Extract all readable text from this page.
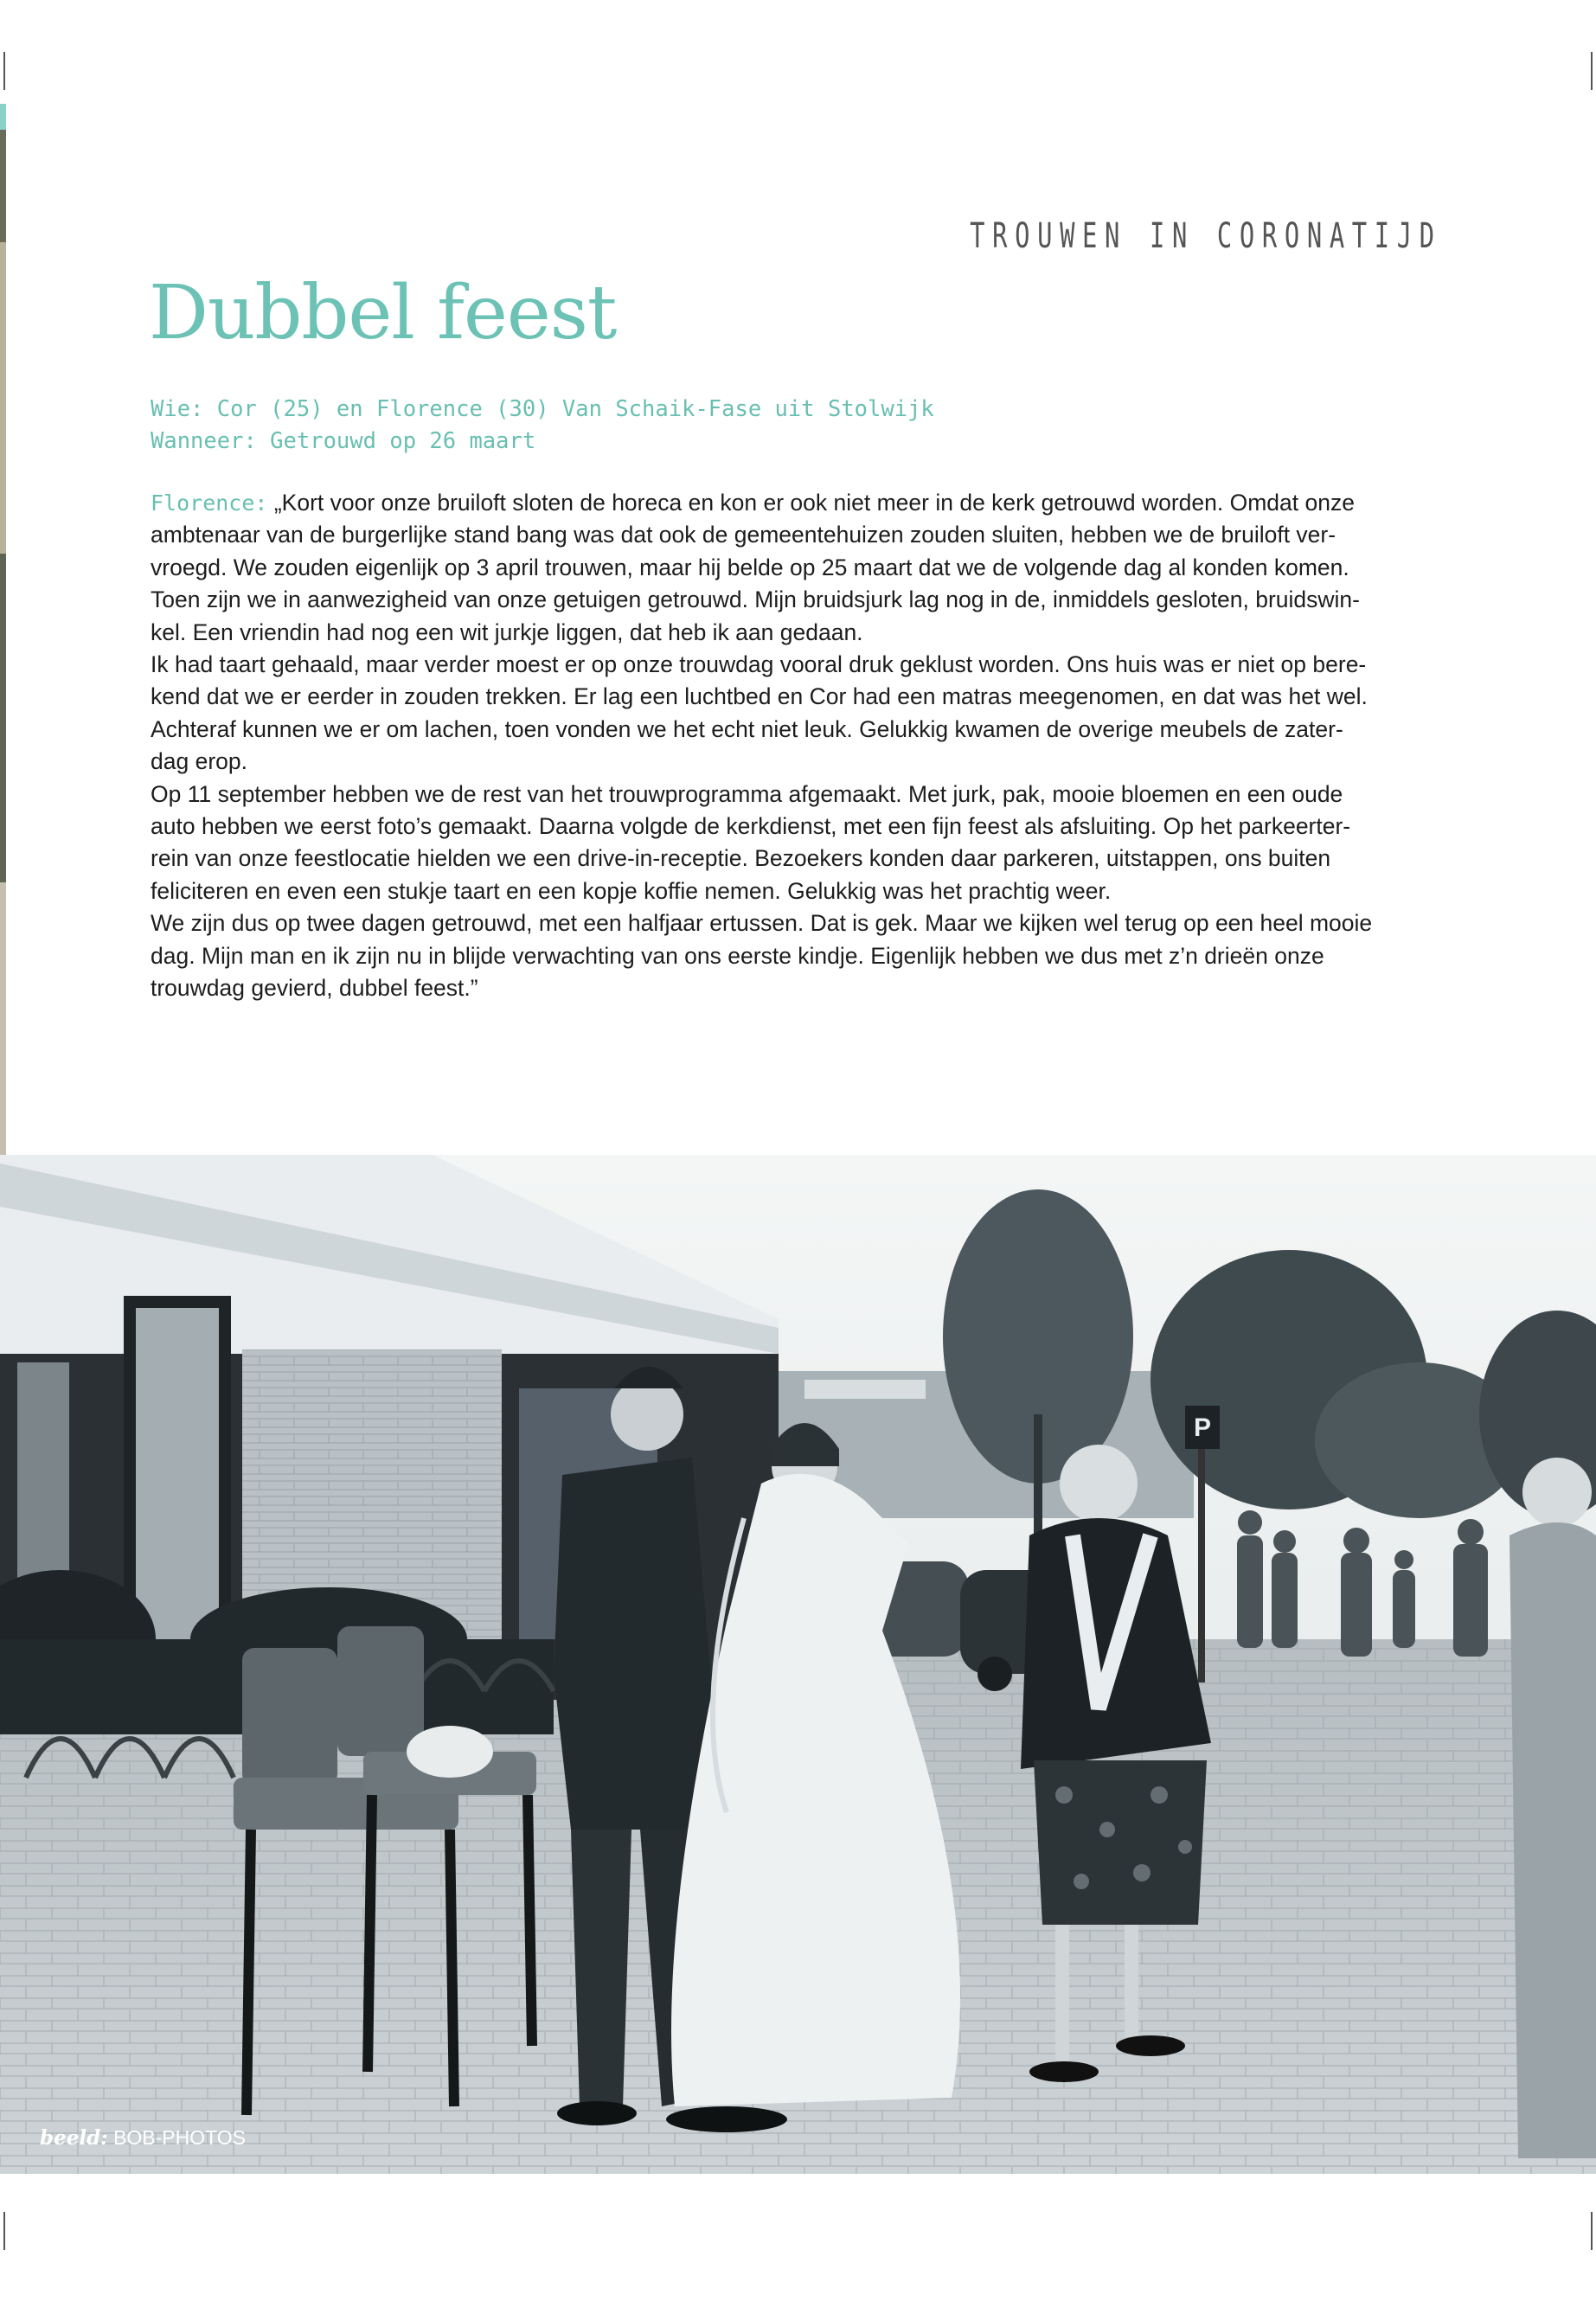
TROUWEN IN CORONATIJD
Dubbel feest
Wie: Cor (25) en Florence (30) Van Schaik-Fase uit Stolwijk
Wanneer: Getrouwd op 26 maart
Florence: „Kort voor onze bruiloft sloten de horeca en kon er ook niet meer in de kerk getrouwd worden. Omdat onze
ambtenaar van de burgerlijke stand bang was dat ook de gemeentehuizen zouden sluiten, hebben we de bruiloft ver-
vroegd. We zouden eigenlijk op 3 april trouwen, maar hij belde op 25 maart dat we de volgende dag al konden komen.
Toen zijn we in aanwezigheid van onze getuigen getrouwd. Mijn bruidsjurk lag nog in de, inmiddels gesloten, bruidswin-
kel. Een vriendin had nog een wit jurkje liggen, dat heb ik aan gedaan.
Ik had taart gehaald, maar verder moest er op onze trouwdag vooral druk geklust worden. Ons huis was er niet op bere-
kend dat we er eerder in zouden trekken. Er lag een luchtbed en Cor had een matras meegenomen, en dat was het wel.
Achteraf kunnen we er om lachen, toen vonden we het echt niet leuk. Gelukkig kwamen de overige meubels de zater-
dag erop.
Op 11 september hebben we de rest van het trouwprogramma afgemaakt. Met jurk, pak, mooie bloemen en een oude
auto hebben we eerst foto’s gemaakt. Daarna volgde de kerkdienst, met een fijn feest als afsluiting. Op het parkeerter-
rein van onze feestlocatie hielden we een drive-in-receptie. Bezoekers konden daar parkeren, uitstappen, ons buiten
feliciteren en even een stukje taart en een kopje koffie nemen. Gelukkig was het prachtig weer.
We zijn dus op twee dagen getrouwd, met een halfjaar ertussen. Dat is gek. Maar we kijken wel terug op een heel mooie
dag. Mijn man en ik zijn nu in blijde verwachting van ons eerste kindje. Eigenlijk hebben we dus met z’n drieën onze
trouwdag gevierd, dubbel feest.”
P
beeld: BOB-PHOTOS
